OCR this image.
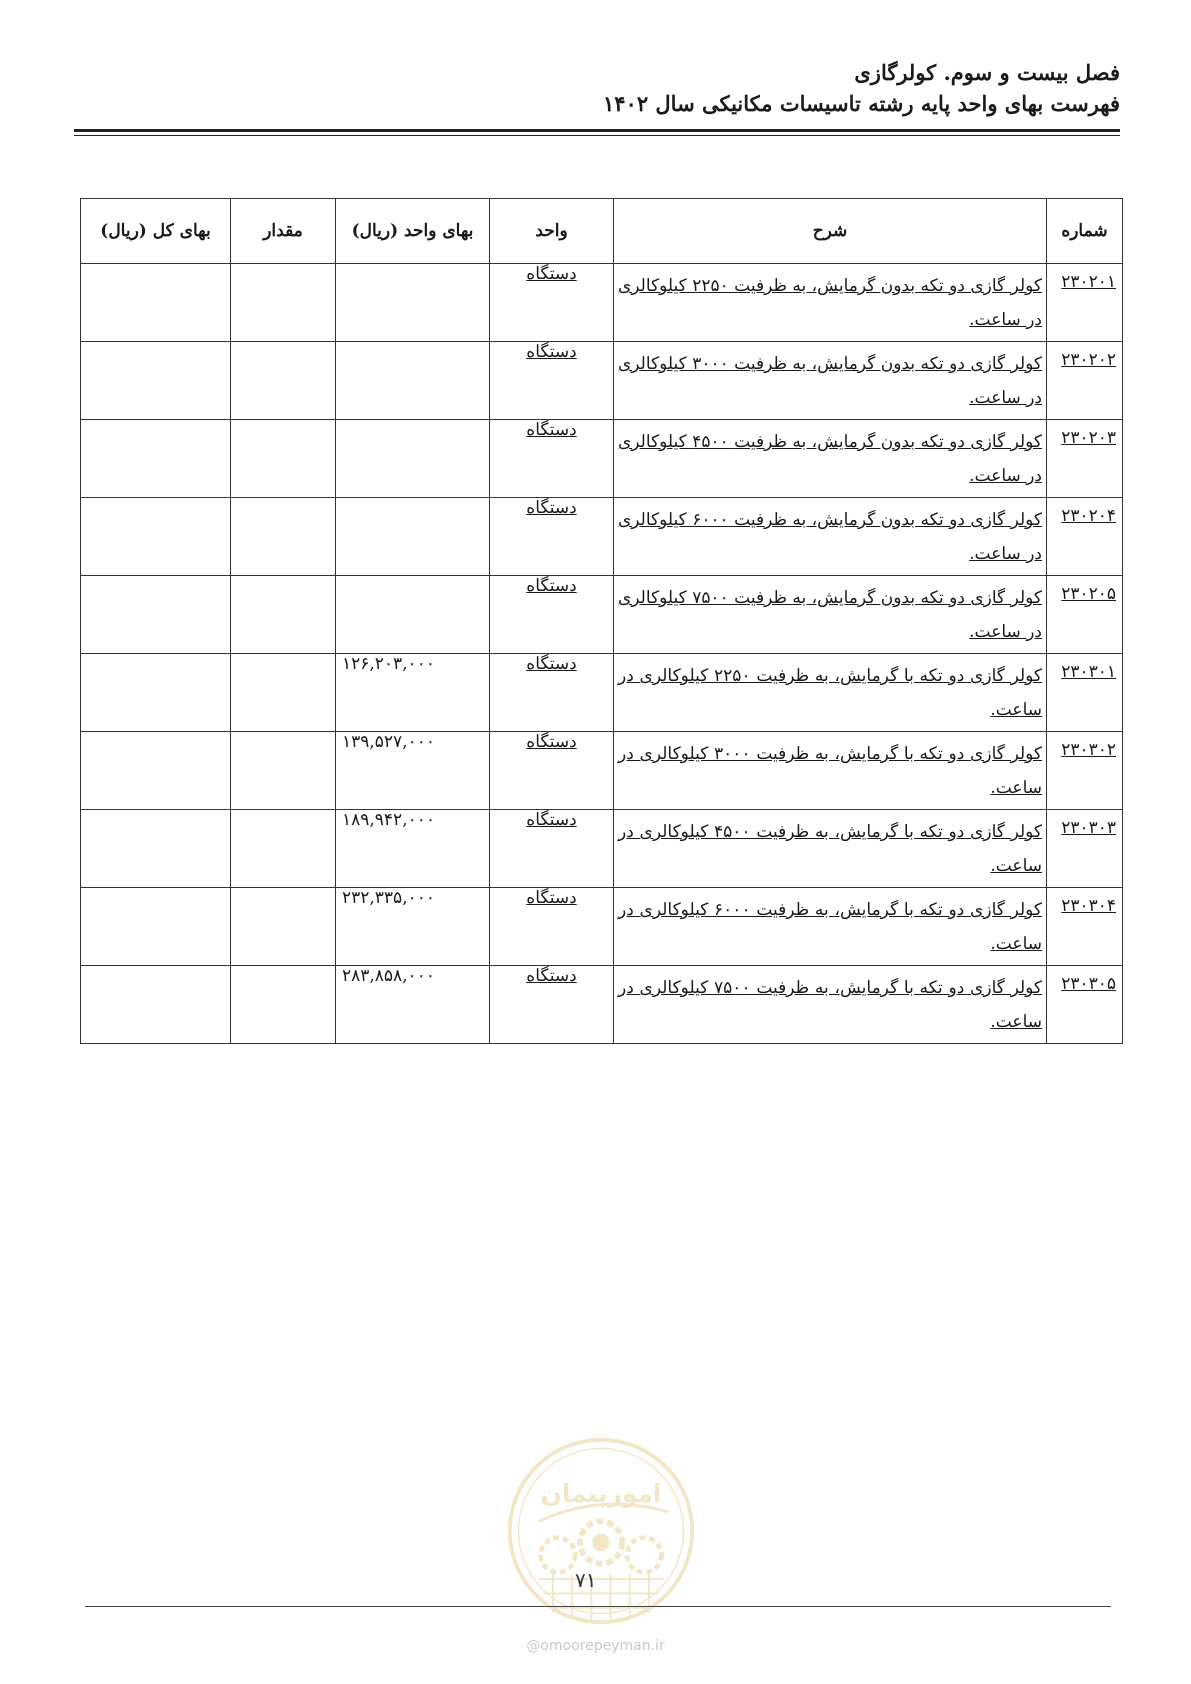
فصل بیست و سوم. کولرگازی
فهرست بهای واحد پایه رشته تاسیسات مکانیکی سال ۱۴۰۲
شماره	شرح	واحد	بهای واحد (ریال)	مقدار	بهای کل (ریال)

۲۳۰۲۰۱	کولر گازی دو تکه بدون گرمایش، به ظرفیت ۲۲۵۰ کیلوکالری در ساعت.	دستگاه			

۲۳۰۲۰۲	کولر گازی دو تکه بدون گرمایش، به ظرفیت ۳۰۰۰ کیلوکالری در ساعت.	دستگاه			

۲۳۰۲۰۳	کولر گازی دو تکه بدون گرمایش، به ظرفیت ۴۵۰۰ کیلوکالری در ساعت.	دستگاه			

۲۳۰۲۰۴	کولر گازی دو تکه بدون گرمایش، به ظرفیت ۶۰۰۰ کیلوکالری در ساعت.	دستگاه			

۲۳۰۲۰۵	کولر گازی دو تکه بدون گرمایش، به ظرفیت ۷۵۰۰ کیلوکالری در ساعت.	دستگاه			

۲۳۰۳۰۱	کولر گازی دو تکه با گرمایش، به ظرفیت ۲۲۵۰ کیلوکالری در ساعت.	دستگاه	۱۲۶,۲۰۳,۰۰۰		

۲۳۰۳۰۲	کولر گازی دو تکه با گرمایش، به ظرفیت ۳۰۰۰ کیلوکالری در ساعت.	دستگاه	۱۳۹,۵۲۷,۰۰۰		

۲۳۰۳۰۳	کولر گازی دو تکه با گرمایش، به ظرفیت ۴۵۰۰ کیلوکالری در ساعت.	دستگاه	۱۸۹,۹۴۲,۰۰۰		

۲۳۰۳۰۴	کولر گازی دو تکه با گرمایش، به ظرفیت ۶۰۰۰ کیلوکالری در ساعت.	دستگاه	۲۳۲,۳۳۵,۰۰۰		

۲۳۰۳۰۵	کولر گازی دو تکه با گرمایش، به ظرفیت ۷۵۰۰ کیلوکالری در ساعت.	دستگاه	۲۸۳,۸۵۸,۰۰۰		

امورپیمان
۷۱
@omoorepeyman.ir
